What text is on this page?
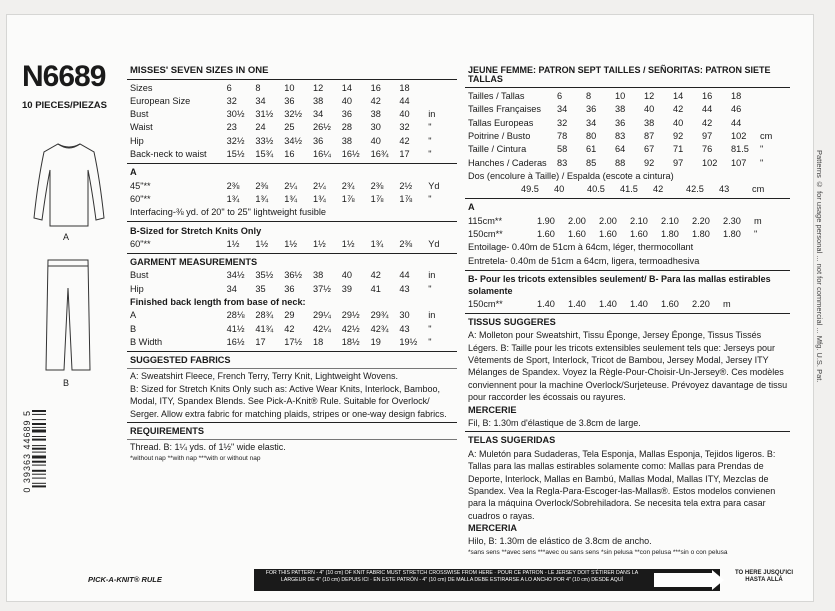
N6689
10 PIECES/PIEZAS
A
B
0 39363 44689 5
MISSES' SEVEN SIZES IN ONE
Sizes	6	8	10	12	14	16	18
European Size	32	34	36	38	40	42	44
Bust	30½	31½	32½	34	36	38	40	in
Waist	23	24	25	26½	28	30	32	"
Hip	32½	33½	34½	36	38	40	42	"
Back-neck to waist	15½	15¾	16	16¼	16½	16¾	17	"
A
45"**	2⅜	2⅜	2¼	2¼	2¾	2⅜	2½	Yd
60"**	1¾	1¾	1¾	1¾	1⅞	1⅞	1⅞	"
Interfacing-⅜ yd. of 20" to 25" lightweight fusible
B-Sized for Stretch Knits Only
60"**	1½	1½	1½	1½	1½	1¾	2⅜	Yd
GARMENT MEASUREMENTS
Bust	34½	35½	36½	38	40	42	44	in
Hip	34	35	36	37½	39	41	43	"
Finished back length from base of neck:
A	28⅛	28¾	29	29¼	29½	29¾	30	in
B	41½	41¾	42	42¼	42½	42¾	43	"
B Width	16½	17	17½	18	18½	19	19½	"
SUGGESTED FABRICS
A: Sweatshirt Fleece, French Terry, Terry Knit, Lightweight Wovens.
B: Sized for Stretch Knits Only such as: Active Wear Knits, Interlock, Bamboo, Modal, ITY, Spandex Blends. See Pick-A-Knit® Rule. Suitable for Overlock/ Serger. Allow extra fabric for matching plaids, stripes or one-way design fabrics.
REQUIREMENTS
Thread. B: 1¼ yds. of 1½" wide elastic.
*without nap **with nap ***with or without nap
JEUNE FEMME: PATRON SEPT TAILLES / SEÑORITAS: PATRON SIETE TALLAS
Tailles / Tallas	6	8	10	12	14	16	18
Tailles Françaises	34	36	38	40	42	44	46
Tallas Europeas	32	34	36	38	40	42	44
Poitrine / Busto	78	80	83	87	92	97	102	cm
Taille / Cintura	58	61	64	67	71	76	81.5	"
Hanches / Caderas	83	85	88	92	97	102	107	"
Dos (encolure à Taille) / Espalda (escote a cintura)
49.5	40	40.5	41.5	42	42.5	43	cm
A
115cm**	1.90	2.00	2.00	2.10	2.10	2.20	2.30	m
150cm**	1.60	1.60	1.60	1.60	1.80	1.80	1.80	"
Entoilage- 0.40m de 51cm à 64cm, léger, thermocollant
Entretela- 0.40m de 51cm a 64cm, ligera, termoadhesiva
B- Pour les tricots extensibles seulement/ B- Para las mallas estirables solamente
150cm**	1.40	1.40	1.40	1.40	1.60	2.20	m
TISSUS SUGGERES
A: Molleton pour Sweatshirt, Tissu Éponge, Jersey Éponge, Tissus Tissés Légers. B: Taille pour les tricots extensibles seulement tels que: Jerseys pour Vêtements de Sport, Interlock, Tricot de Bambou, Jersey Modal, Jersey ITY Mélanges de Spandex. Voyez la Règle-Pour-Choisir-Un-Jersey®. Ces modèles conviennent pour la machine Overlock/Surjeteuse. Prévoyez davantage de tissu pour raccorder les écossais ou rayures.
MERCERIE
Fil, B: 1.30m d'élastique de 3.8cm de large.
TELAS SUGERIDAS
A: Muletón para Sudaderas, Tela Esponja, Mallas Esponja, Tejidos ligeros. B: Tallas para las mallas estirables solamente como: Mallas para Prendas de Deporte, Interlock, Mallas en Bambú, Mallas Modal, Mallas ITY, Mezclas de Spandex. Vea la Regla-Para-Escoger-las-Mallas®. Estos modelos convienen para la máquina Overlock/Sobrehiladora. Se necesita tela extra para casar cuadros o rayas.
MERCERIA
Hilo, B: 1.30m de elástico de 3.8cm de ancho.
*sans sens **avec sens ***avec ou sans sens *sin pelusa **con pelusa ***sin o con pelusa
PICK-A-KNIT® RULE
FOR THIS PATTERN - 4" (10 cm) OF KNIT FABRIC MUST STRETCH CROSSWISE FROM HERE · POUR CE PATRON - LE JERSEY DOIT S'ÉTIRER DANS LA LARGEUR DE 4" (10 cm) DEPUIS ICI · EN ESTE PATRÓN - 4" (10 cm) DE MALLA DEBE ESTIRARSE A LO ANCHO POR 4" (10 cm) DESDE AQUÍ
TO HERE JUSQU'ICI HASTA ALLÁ
Patterns © for usage personal ... not for commercial ... Mfg. U.S. Pat.
